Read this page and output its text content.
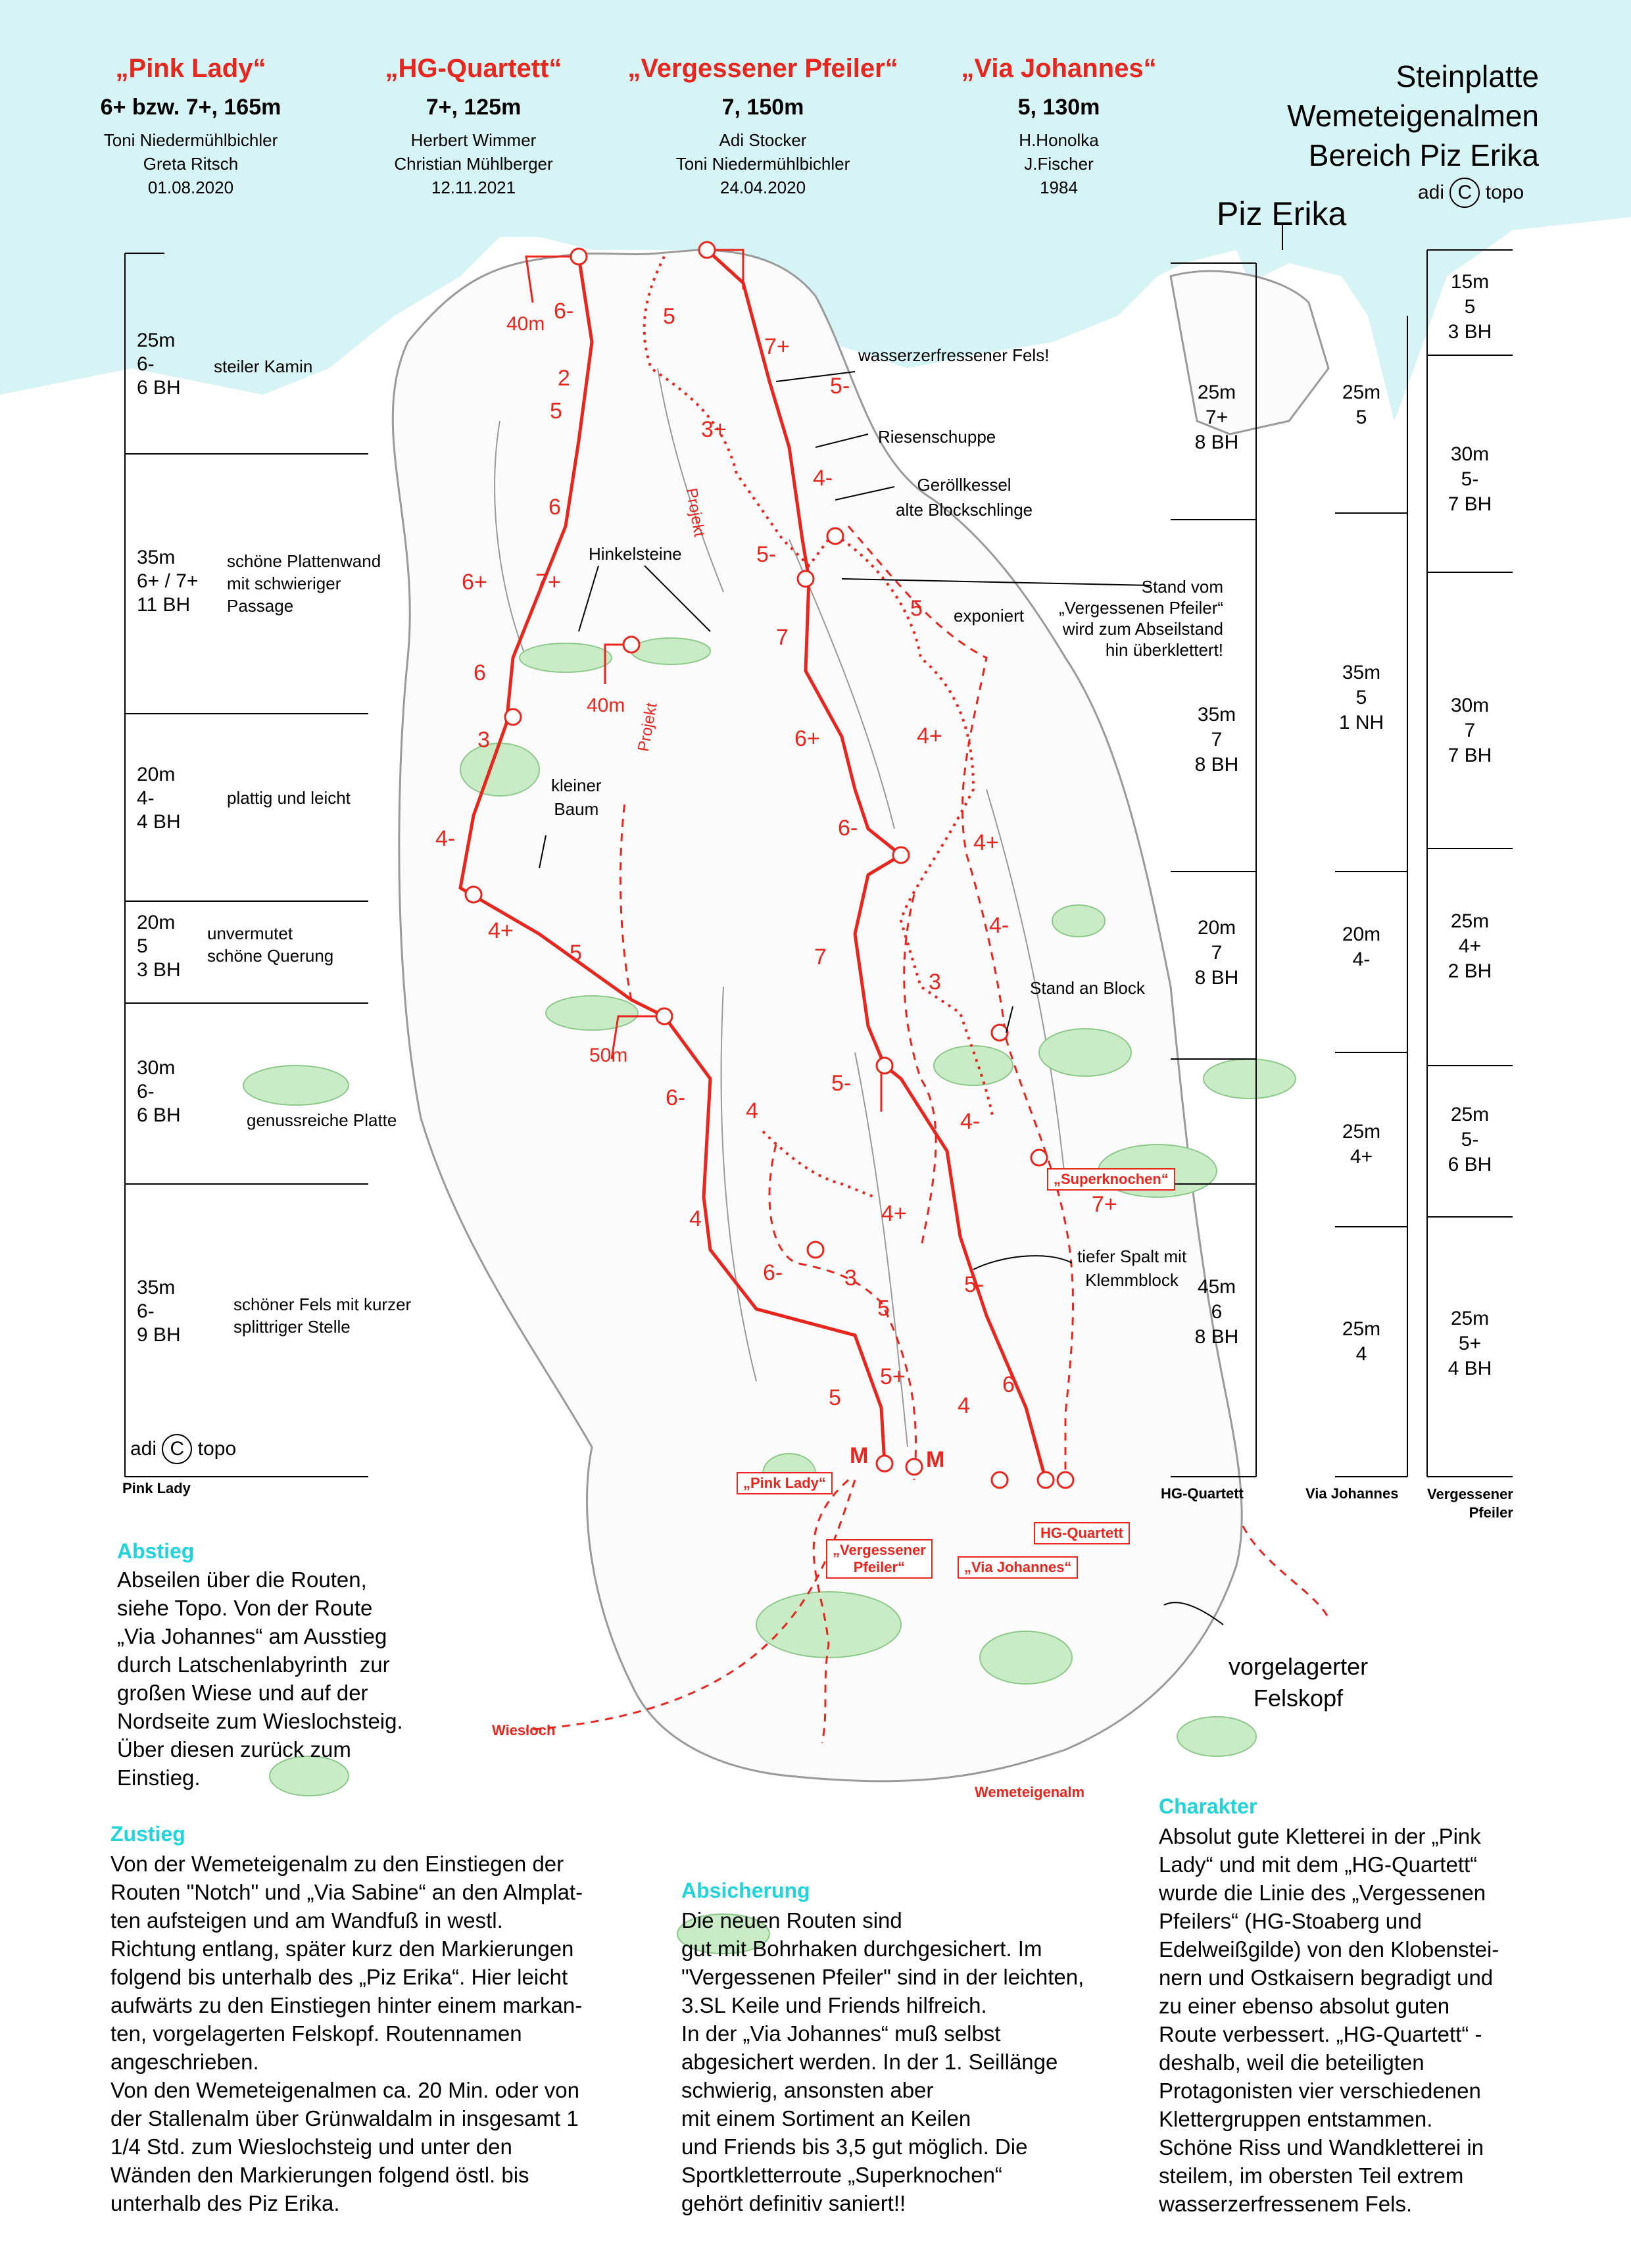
„Pink Lady“
6+ bzw. 7+, 165m
Toni Niedermühlbichler
Greta Ritsch
01.08.2020
„HG-Quartett“
7+, 125m
Herbert Wimmer
Christian Mühlberger
12.11.2021
„Vergessener Pfeiler“
7, 150m
Adi Stocker
Toni Niedermühlbichler
24.04.2020
„Via Johannes“
5, 130m
H.Honolka
J.Fischer
1984
Steinplatte
Wemeteigenalmen
Bereich Piz Erika
adi C topo
Piz Erika
25m
6-
6 BH
steiler Kamin
35m
6+ / 7+
11 BH
schöne Plattenwand
mit schwieriger
Passage
20m
4-
4 BH
plattig und leicht
20m
5
3 BH
unvermutet
schöne Querung
30m
6-
6 BH	genussreiche Platte
35m
6-
9 BH
schöner Fels mit kurzer
splittriger Stelle
adi C topo
25m
7+
8 BH
35m
7
8 BH
20m
7
8 BH
45m
6
8 BH
25m
5
35m
5
1 NH
20m
4-
25m
4+
25m
4
15m
5
3 BH
30m
5-
7 BH
30m
7
7 BH
25m
4+
2 BH
25m
5-
6 BH
25m
5+
4 BH
Pink Lady	HG-Quartett	Via Johannes Vergessener
Pfeiler
wasserzerfressener Fels!
Riesenschuppe
Geröllkessel
alte Blockschlinge
Hinkelsteine
exponiert
Stand vom
„Vergessenen Pfeiler“
wird zum Abseilstand
hin überklettert!
kleiner
Baum
Stand an Block
tiefer Spalt mit
Klemmblock
vorgelagerter
Felskopf
Projekt
Projekt
Wiesloch
Wemeteigenalm
„Superknochen“
7+
40m
40m
50m
„Pink Lady“
„Vergessener
Pfeiler“	„Via Johannes“
HG-Quartett
M	M
6-
2
5
6
6+ 7+
6
3
4-
4+
5
6-
4
6-	3
5
5
5+
4
6
5-
7+
3+
4-
5-
7
6+
6-
7
4+
3
5-
4	4-
4+
5
4+
4-
5
5-
Abstieg
Abseilen über die Routen,
siehe Topo. Von der Route
„Via Johannes“ am Ausstieg
durch Latschenlabyrinth  zur
großen Wiese und auf der
Nordseite zum Wieslochsteig.
Über diesen zurück zum
Einstieg.
Zustieg
Von der Wemeteigenalm zu den Einstiegen der
Routen "Notch" und „Via Sabine“ an den Almplat-
ten aufsteigen und am Wandfuß in westl.
Richtung entlang, später kurz den Markierungen
folgend bis unterhalb des „Piz Erika“. Hier leicht
aufwärts zu den Einstiegen hinter einem markan-
ten, vorgelagerten Felskopf. Routennamen
angeschrieben.
Von den Wemeteigenalmen ca. 20 Min. oder von
der Stallenalm über Grünwaldalm in insgesamt 1
1/4 Std. zum Wieslochsteig und unter den
Wänden den Markierungen folgend östl. bis
unterhalb des Piz Erika.
Absicherung
Die neuen Routen sind
gut mit Bohrhaken durchgesichert. Im
"Vergessenen Pfeiler" sind in der leichten,
3.SL Keile und Friends hilfreich.
In der „Via Johannes“ muß selbst
abgesichert werden. In der 1. Seillänge
schwierig, ansonsten aber
mit einem Sortiment an Keilen
und Friends bis 3,5 gut möglich. Die
Sportkletterroute „Superknochen“
gehört definitiv saniert!!
Charakter
Absolut gute Kletterei in der „Pink
Lady“ und mit dem „HG-Quartett“
wurde die Linie des „Vergessenen
Pfeilers“ (HG-Stoaberg und
Edelweißgilde) von den Klobenstei-
nern und Ostkaisern begradigt und
zu einer ebenso absolut guten
Route verbessert. „HG-Quartett“ -
deshalb, weil die beteiligten
Protagonisten vier verschiedenen
Klettergruppen entstammen.
Schöne Riss und Wandkletterei in
steilem, im obersten Teil extrem
wasserzerfressenem Fels.
